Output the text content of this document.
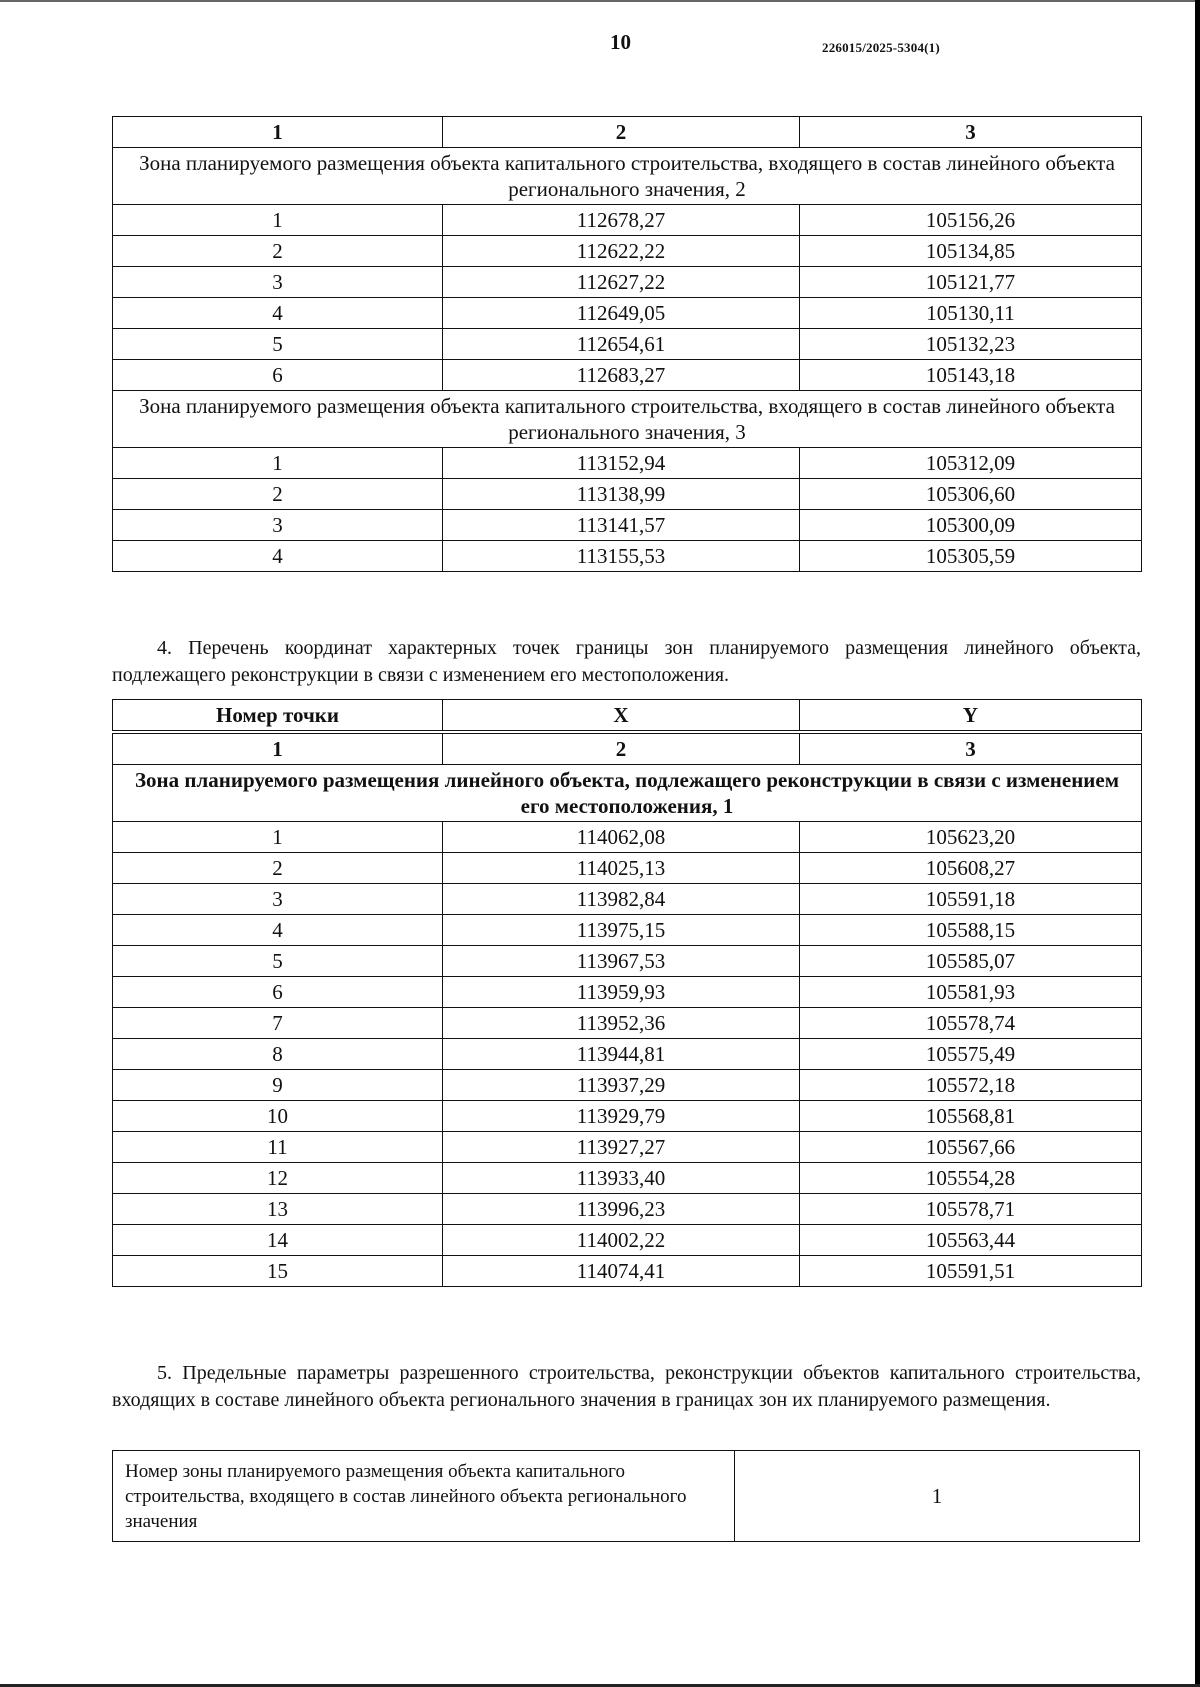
10	226015/2025-5304(1)
1	2	3
Зона планируемого размещения объекта капитального строительства, входящего в состав линейного объекта регионального значения, 2		
1	112678,27	105156,26
2	112622,22	105134,85
3	112627,22	105121,77
4	112649,05	105130,11
5	112654,61	105132,23
6	112683,27	105143,18
Зона планируемого размещения объекта капитального строительства, входящего в состав линейного объекта регионального значения, 3		
1	113152,94	105312,09
2	113138,99	105306,60
3	113141,57	105300,09
4	113155,53	105305,59

4. Перечень координат характерных точек границы зон планируемого размещения линейного объекта, подлежащего реконструкции в связи с изменением его местоположения.

Номер точки	X	Y
1	2	3
Зона планируемого размещения линейного объекта, подлежащего реконструкции в связи с изменением его местоположения, 1		
1	114062,08	105623,20
2	114025,13	105608,27
3	113982,84	105591,18
4	113975,15	105588,15
5	113967,53	105585,07
6	113959,93	105581,93
7	113952,36	105578,74
8	113944,81	105575,49
9	113937,29	105572,18
10	113929,79	105568,81
11	113927,27	105567,66
12	113933,40	105554,28
13	113996,23	105578,71
14	114002,22	105563,44
15	114074,41	105591,51

5. Предельные параметры разрешенного строительства, реконструкции объектов капитального строительства, входящих в составе линейного объекта регионального значения в границах зон их планируемого размещения.

Номер зоны планируемого размещения объекта капитального строительства, входящего в состав линейного объекта регионального значения	1
